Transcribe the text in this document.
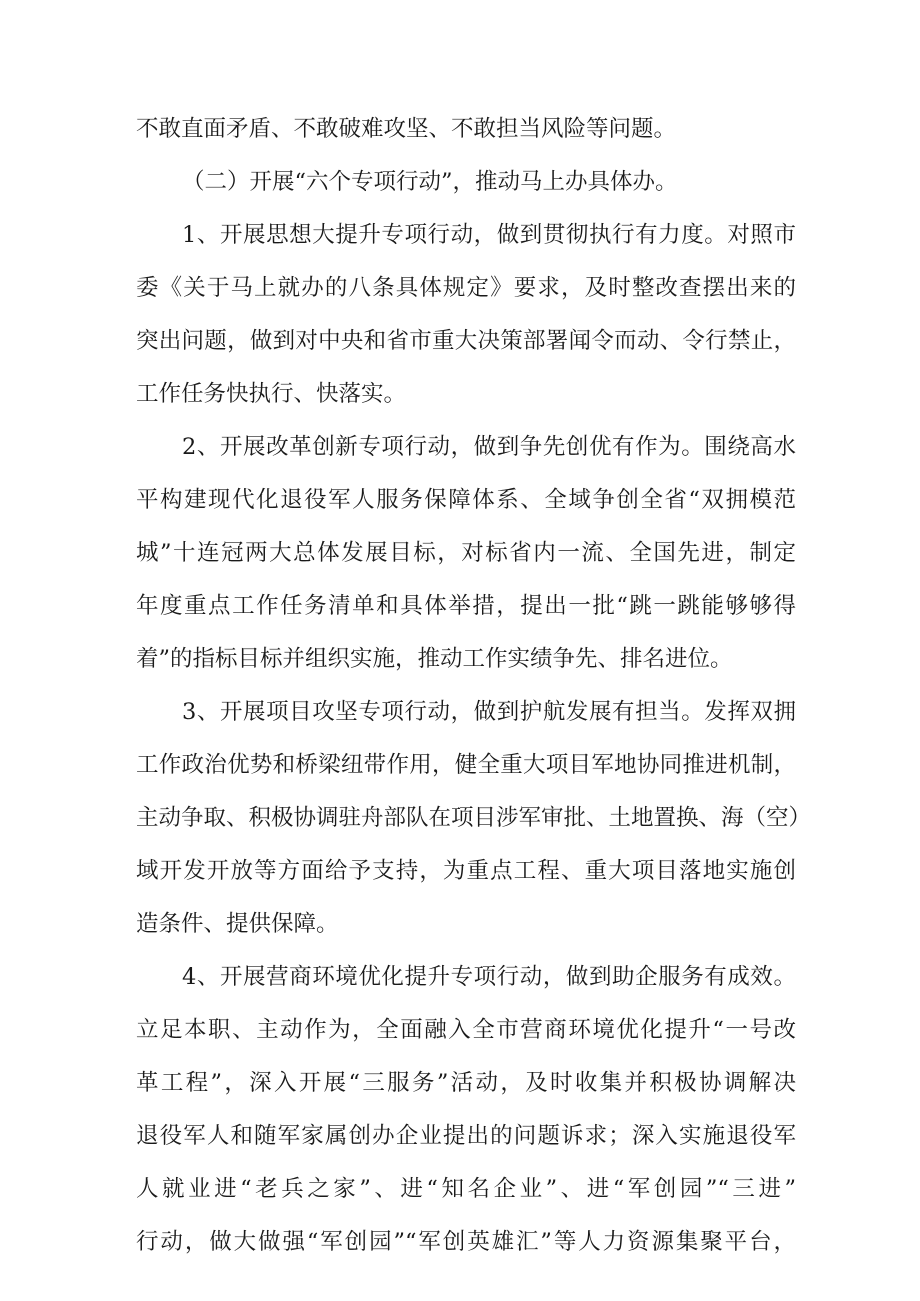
不敢直面矛盾、不敢破难攻坚、不敢担当风险等问题。
（二）开展“六个专项行动”，推动马上办具体办。
1、开展思想大提升专项行动，做到贯彻执行有力度。对照市
委《关于马上就办的八条具体规定》要求，及时整改查摆出来的
突出问题，做到对中央和省市重大决策部署闻令而动、令行禁止，
工作任务快执行、快落实。
2、开展改革创新专项行动，做到争先创优有作为。围绕高水
平构建现代化退役军人服务保障体系、全域争创全省“双拥模范
城”十连冠两大总体发展目标，对标省内一流、全国先进，制定
年度重点工作任务清单和具体举措，提出一批“跳一跳能够够得
着”的指标目标并组织实施，推动工作实绩争先、排名进位。
3、开展项目攻坚专项行动，做到护航发展有担当。发挥双拥
工作政治优势和桥梁纽带作用，健全重大项目军地协同推进机制，
主动争取、积极协调驻舟部队在项目涉军审批、土地置换、海（空）
域开发开放等方面给予支持，为重点工程、重大项目落地实施创
造条件、提供保障。
4、开展营商环境优化提升专项行动，做到助企服务有成效。
立足本职、主动作为，全面融入全市营商环境优化提升“一号改
革工程”，深入开展“三服务”活动，及时收集并积极协调解决
退役军人和随军家属创办企业提出的问题诉求；深入实施退役军
人就业进“老兵之家”、进“知名企业”、进“军创园”“三进”
行动，做大做强“军创园”“军创英雄汇”等人力资源集聚平台，
